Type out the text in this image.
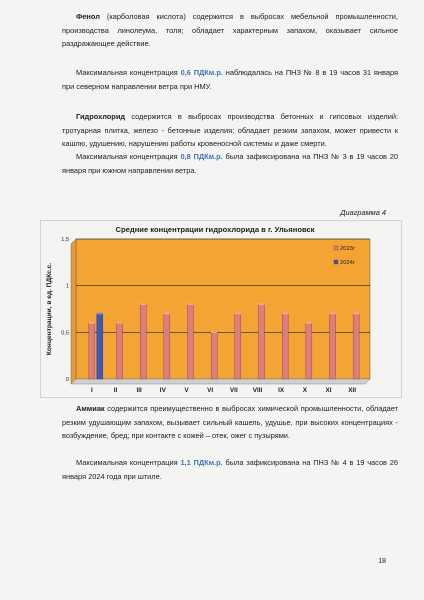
Фенол (карболовая кислота) содержится в выбросах мебельной промышленности, производства линолеума, толя; обладает характерным запахом, оказывает сильное раздражающее действие.
Максимальная концентрация 0,6 ПДКм.р. наблюдалась на ПНЗ № 8 в 19 часов 31 января при северном направлении ветра при НМУ.
Гидрохлорид содержится в выбросах производства бетонных и гипсовых изделий: тротуарная плитка, железо - бетонные изделия; обладает резким запахом, может привести к кашлю, удушению, нарушению работы кровеносной системы и даже смерти.
Максимальная концентрация 0,8 ПДКм.р. была зафиксирована на ПНЗ № 3 в 19 часов 20 января при южном направлении ветра.
Диаграмма 4
Средние концентрации гидрохлорида в г. Ульяновск
0
0,5
1
1,5
Концентрации, в ед. ПДКс.с.
I	II	III	IV	V	VI	VII VIII IX	X	XI	XII
2023г
2024г
Аммиак содержится преимущественно в выбросах химической промышленности, обладает резким удушающим запахом, вызывает сильный кашель, удушье, при высоких концентрациях - возбуждение, бред; при контакте с кожей – отек, ожег с пузырями.
Максимальная концентрация 1,1 ПДКм.р. была зафиксирована на ПНЗ № 4 в 19 часов 26 января 2024 года при штиле.
18
